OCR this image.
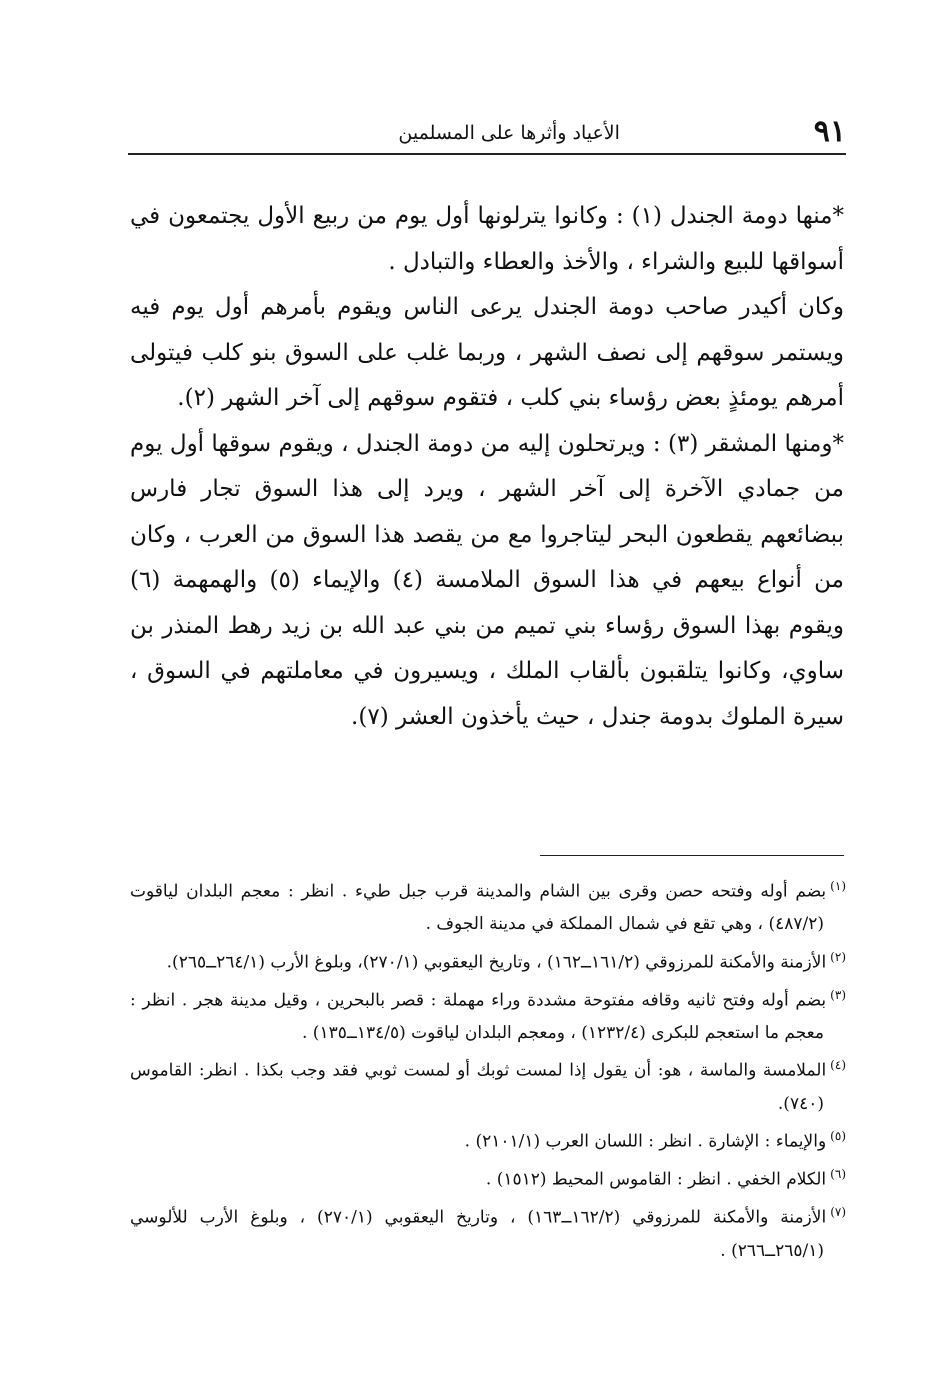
٩١
الأعياد وأثرها على المسلمين

*منها دومة الجندل (١) : وكانوا يترلونها أول يوم من ربيع الأول يجتمعون في أسواقها للبيع والشراء ، والأخذ والعطاء والتبادل .

وكان أكيدر صاحب دومة الجندل يرعى الناس ويقوم بأمرهم أول يوم فيه ويستمر سوقهم إلى نصف الشهر ، وربما غلب على السوق بنو كلب فيتولى أمرهم يومئذٍ بعض رؤساء بني كلب ، فتقوم سوقهم إلى آخر الشهر (٢).

*ومنها المشقر (٣) : ويرتحلون إليه من دومة الجندل ، ويقوم سوقها أول يوم من جمادي الآخرة إلى آخر الشهر ، ويرد إلى هذا السوق تجار فارس ببضائعهم يقطعون البحر ليتاجروا مع من يقصد هذا السوق من العرب ، وكان من أنواع بيعهم في هذا السوق الملامسة (٤) والإيماء (٥) والهمهمة (٦) ويقوم بهذا السوق رؤساء بني تميم من بني عبد الله بن زيد رهط المنذر بن ساوي، وكانوا يتلقبون بألقاب الملك ، ويسيرون في معاملتهم في السوق ، سيرة الملوك بدومة جندل ، حيث يأخذون العشر (٧).

$^{(١)}$بضم أوله وفتحه حصن وقرى بين الشام والمدينة قرب جبل طيء . انظر : معجم البلدان لياقوت (٤٨٧/٢) ، وهي تقع في شمال المملكة في مدينة الجوف .

$^{(٢)}$الأزمنة والأمكنة للمرزوقي (١٦١/٢ــ١٦٢) ، وتاريخ اليعقوبي (٢٧٠/١)، وبلوغ الأرب (٢٦٤/١ــ٢٦٥).

$^{(٣)}$بضم أوله وفتح ثانيه وقافه مفتوحة مشددة وراء مهملة : قصر بالبحرين ، وقيل مدينة هجر . انظر : معجم ما استعجم للبكرى (١٢٣٢/٤) ، ومعجم البلدان لياقوت (١٣٤/٥ــ١٣٥) .

$^{(٤)}$الملامسة والماسة ، هو: أن يقول إذا لمست ثوبك أو لمست ثوبي فقد وجب بكذا . انظر: القاموس (٧٤٠).

$^{(٥)}$والإيماء : الإشارة . انظر : اللسان العرب (٢١٠١/١) .

$^{(٦)}$الكلام الخفي . انظر : القاموس المحيط (١٥١٢) .

$^{(٧)}$الأزمنة والأمكنة للمرزوقي (١٦٢/٢ــ١٦٣) ، وتاريخ اليعقوبي (٢٧٠/١) ، وبلوغ الأرب للألوسي (٢٦٥/١ــ٢٦٦) .
